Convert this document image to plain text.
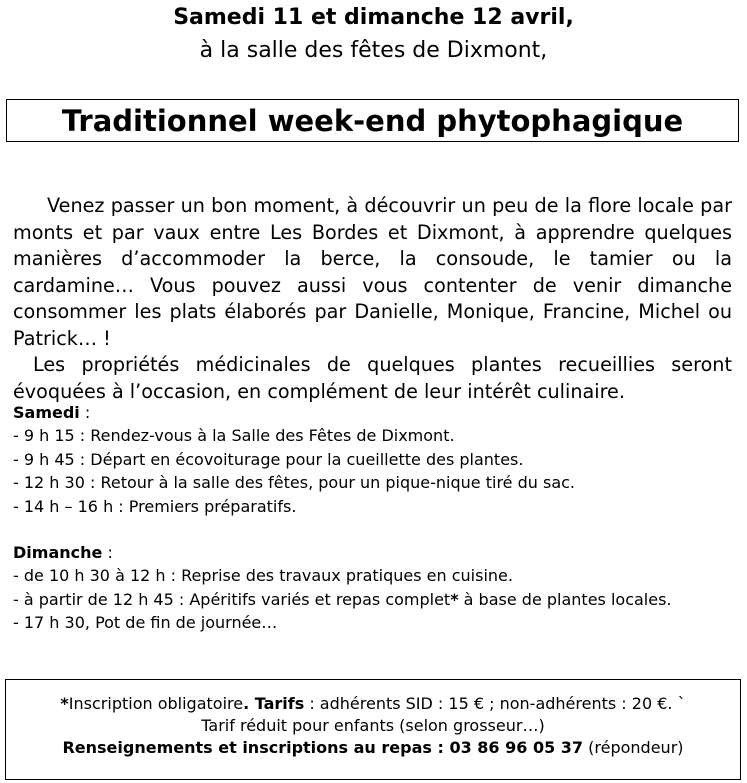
Samedi 11 et dimanche 12 avril,
à la salle des fêtes de Dixmont,
Traditionnel week-end phytophagique

Venez passer un bon moment, à découvrir un peu de la flore locale par monts et par vaux entre Les Bordes et Dixmont, à apprendre quelques manières d’accommoder la berce, la consoude, le tamier ou la cardamine… Vous pouvez aussi vous contenter de venir dimanche consommer les plats élaborés par Danielle, Monique, Francine, Michel ou Patrick… !

Les propriétés médicinales de quelques plantes recueillies seront évoquées à l’occasion, en complément de leur intérêt culinaire.

Samedi :
- 9 h 15 : Rendez-vous à la Salle des Fêtes de Dixmont.
- 9 h 45 : Départ en écovoiturage pour la cueillette des plantes.
- 12 h 30 : Retour à la salle des fêtes, pour un pique-nique tiré du sac.
- 14 h – 16 h : Premiers préparatifs.
Dimanche :
- de 10 h 30 à 12 h : Reprise des travaux pratiques en cuisine.
- à partir de 12 h 45 : Apéritifs variés et repas complet* à base de plantes locales.
- 17 h 30, Pot de fin de journée…

*Inscription obligatoire. Tarifs : adhérents SID : 15 € ; non-adhérents : 20 €. `

Tarif réduit pour enfants (selon grosseur…)

Renseignements et inscriptions au repas : 03 86 96 05 37 (répondeur)
